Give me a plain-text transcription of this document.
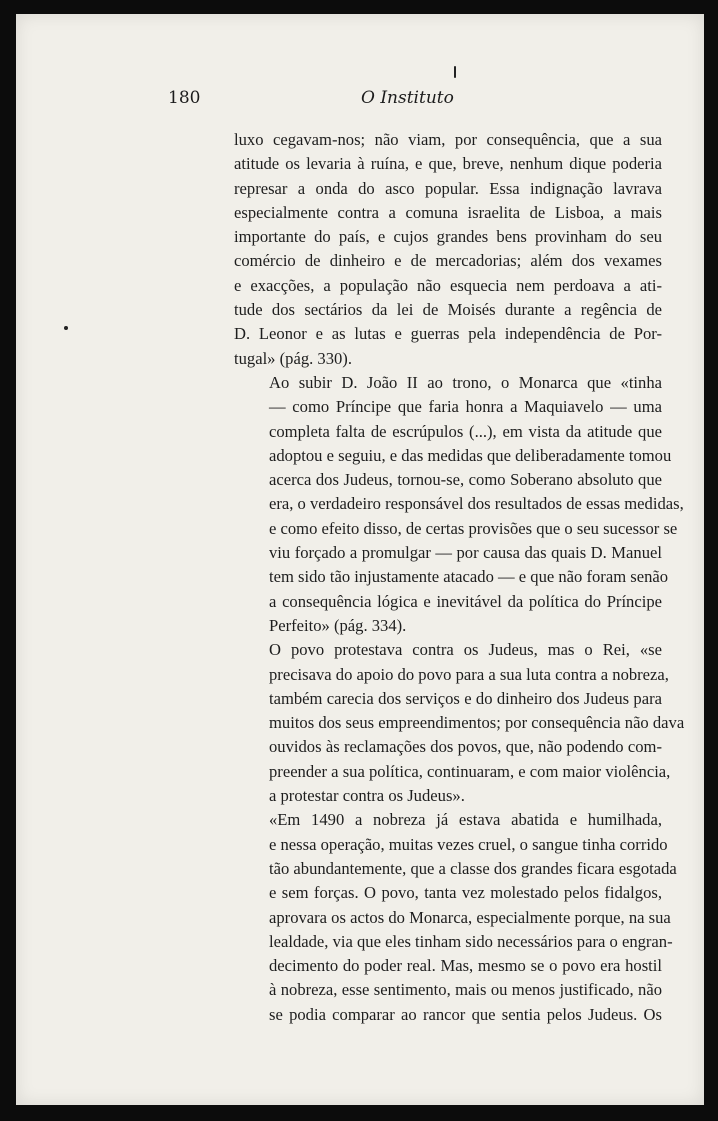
180	O Instituto

luxo cegavam-nos; não viam, por consequência, que a sua
atitude os levaria à ruína, e que, breve, nenhum dique poderia
represar a onda do asco popular. Essa indignação lavrava
especialmente contra a comuna israelita de Lisboa, a mais
importante do país, e cujos grandes bens provinham do seu
comércio de dinheiro e de mercadorias; além dos vexames
e exacções, a população não esquecia nem perdoava a ati-
tude dos sectários da lei de Moisés durante a regência de
D. Leonor e as lutas e guerras pela independência de Por-
tugal» (pág. 330).

Ao subir D. João II ao trono, o Monarca que «tinha
— como Príncipe que faria honra a Maquiavelo — uma
completa falta de escrúpulos (...), em vista da atitude que
adoptou e seguiu, e das medidas que deliberadamente tomou
acerca dos Judeus, tornou-se, como Soberano absoluto que
era, o verdadeiro responsável dos resultados de essas medidas,
e como efeito disso, de certas provisões que o seu sucessor se
viu forçado a promulgar — por causa das quais D. Manuel
tem sido tão injustamente atacado — e que não foram senão
a consequência lógica e inevitável da política do Príncipe
Perfeito» (pág. 334).

O povo protestava contra os Judeus, mas o Rei, «se
precisava do apoio do povo para a sua luta contra a nobreza,
também carecia dos serviços e do dinheiro dos Judeus para
muitos dos seus empreendimentos; por consequência não dava
ouvidos às reclamações dos povos, que, não podendo com-
preender a sua política, continuaram, e com maior violência,
a protestar contra os Judeus».

«Em 1490 a nobreza já estava abatida e humilhada,
e nessa operação, muitas vezes cruel, o sangue tinha corrido
tão abundantemente, que a classe dos grandes ficara esgotada
e sem forças. O povo, tanta vez molestado pelos fidalgos,
aprovara os actos do Monarca, especialmente porque, na sua
lealdade, via que eles tinham sido necessários para o engran-
decimento do poder real. Mas, mesmo se o povo era hostil
à nobreza, esse sentimento, mais ou menos justificado, não
se podia comparar ao rancor que sentia pelos Judeus. Os
